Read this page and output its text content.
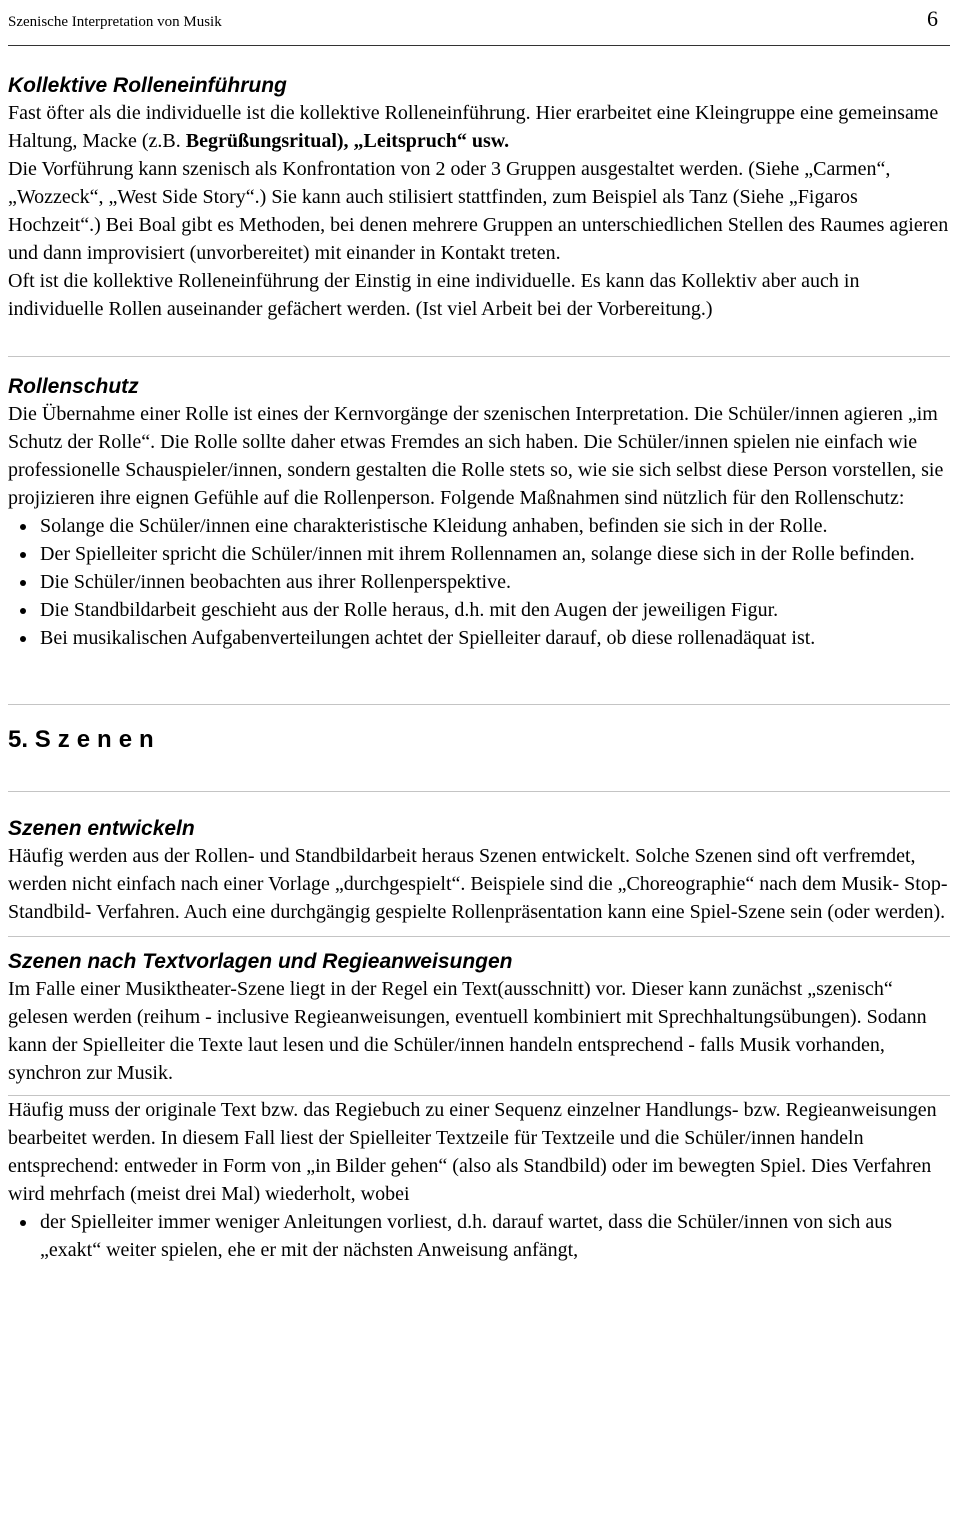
Szenische Interpretation von Musik	6
Kollektive Rolleneinführung

Fast öfter als die individuelle ist die kollektive Rolleneinführung. Hier erarbeitet eine Kleingruppe eine gemeinsame Haltung, Macke (z.B. Begrüßungsritual), „Leitspruch“ usw.

Die Vorführung kann szenisch als Konfrontation von 2 oder 3 Gruppen ausgestaltet werden. (Siehe „Carmen“, „Wozzeck“, „West Side Story“.) Sie kann auch stilisiert stattfinden, zum Beispiel als Tanz (Siehe „Figaros Hochzeit“.) Bei Boal gibt es Methoden, bei denen mehrere Gruppen an unterschiedlichen Stellen des Raumes agieren und dann improvisiert (unvorbereitet) mit einander in Kontakt treten.

Oft ist die kollektive Rolleneinführung der Einstig in eine individuelle. Es kann das Kollektiv aber auch in individuelle Rollen auseinander gefächert werden. (Ist viel Arbeit bei der Vorbereitung.)

Rollenschutz

Die Übernahme einer Rolle ist eines der Kernvorgänge der szenischen Interpretation. Die Schüler/innen agieren „im Schutz der Rolle“. Die Rolle sollte daher etwas Fremdes an sich haben. Die Schüler/innen spielen nie einfach wie professionelle Schauspieler/innen, sondern gestalten die Rolle stets so, wie sie sich selbst diese Person vorstellen, sie projizieren ihre eignen Gefühle auf die Rollenperson. Folgende Maßnahmen sind nützlich für den Rollenschutz:

• Solange die Schüler/innen eine charakteristische Kleidung anhaben, befinden sie sich in der Rolle.
• Der Spielleiter spricht die Schüler/innen mit ihrem Rollennamen an, solange diese sich in der Rolle befinden.
• Die Schüler/innen beobachten aus ihrer Rollenperspektive.
• Die Standbildarbeit geschieht aus der Rolle heraus, d.h. mit den Augen der jeweiligen Figur.
• Bei musikalischen Aufgabenverteilungen achtet der Spielleiter darauf, ob diese rollenadäquat ist.
5. Szenen
Szenen entwickeln

Häufig werden aus der Rollen- und Standbildarbeit heraus Szenen entwickelt. Solche Szenen sind oft verfremdet, werden nicht einfach nach einer Vorlage „durchgespielt“. Beispiele sind die „Choreographie“ nach dem Musik- Stop-Standbild- Verfahren. Auch eine durchgängig gespielte Rollenpräsentation kann eine Spiel-Szene sein (oder werden).

Szenen nach Textvorlagen und Regieanweisungen

Im Falle einer Musiktheater-Szene liegt in der Regel ein Text(ausschnitt) vor. Dieser kann zunächst „szenisch“ gelesen werden (reihum - inclusive Regieanweisungen, eventuell kombiniert mit Sprechhaltungsübungen). Sodann kann der Spielleiter die Texte laut lesen und die Schüler/innen handeln entsprechend - falls Musik vorhanden, synchron zur Musik.

Häufig muss der originale Text bzw. das Regiebuch zu einer Sequenz einzelner Handlungs- bzw. Regieanweisungen bearbeitet werden. In diesem Fall liest der Spielleiter Textzeile für Textzeile und die Schüler/innen handeln entsprechend: entweder in Form von „in Bilder gehen“ (also als Standbild) oder im bewegten Spiel. Dies Verfahren wird mehrfach (meist drei Mal) wiederholt, wobei

• der Spielleiter immer weniger Anleitungen vorliest, d.h. darauf wartet, dass die Schüler/innen von sich aus „exakt“ weiter spielen, ehe er mit der nächsten Anweisung anfängt,
